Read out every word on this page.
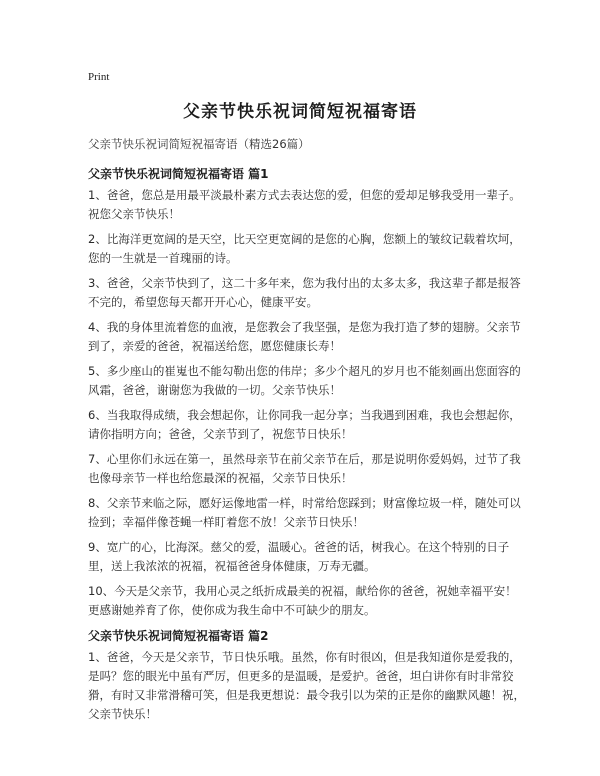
Print
父亲节快乐祝词简短祝福寄语
父亲节快乐祝词简短祝福寄语（精选26篇）
父亲节快乐祝词简短祝福寄语 篇1

1、爸爸，您总是用最平淡最朴素方式去表达您的爱，但您的爱却足够我受用一辈子。祝您父亲节快乐！

2、比海洋更宽阔的是天空，比天空更宽阔的是您的心胸，您额上的皱纹记载着坎坷，您的一生就是一首瑰丽的诗。

3、爸爸，父亲节快到了，这二十多年来，您为我付出的太多太多，我这辈子都是报答不完的，希望您每天都开开心心，健康平安。

4、我的身体里流着您的血液，是您教会了我坚强，是您为我打造了梦的翅膀。父亲节到了，亲爱的爸爸，祝福送给您，愿您健康长寿！

5、多少座山的崔嵬也不能勾勒出您的伟岸；多少个超凡的岁月也不能刻画出您面容的风霜，爸爸，谢谢您为我做的一切。父亲节快乐！

6、当我取得成绩，我会想起你，让你同我一起分享；当我遇到困难，我也会想起你，请你指明方向；爸爸，父亲节到了，祝您节日快乐！

7、心里你们永远在第一，虽然母亲节在前父亲节在后，那是说明你爱妈妈，过节了我也像母亲节一样也给您最深的祝福，父亲节日快乐！

8、父亲节来临之际，愿好运像地雷一样，时常给您踩到；财富像垃圾一样，随处可以捡到；幸福伴像苍蝇一样盯着您不放！父亲节日快乐！

9、宽广的心，比海深。慈父的爱，温暖心。爸爸的话，树我心。在这个特别的日子里，送上我浓浓的祝福，祝福爸爸身体健康，万寿无疆。

10、今天是父亲节，我用心灵之纸折成最美的祝福，献给你的爸爸，祝她幸福平安！更感谢她养育了你，使你成为我生命中不可缺少的朋友。

父亲节快乐祝词简短祝福寄语 篇2

1、爸爸，今天是父亲节，节日快乐哦。虽然，你有时很凶，但是我知道你是爱我的，是吗？您的眼光中虽有严厉，但更多的是温暖，是爱护。爸爸，坦白讲你有时非常狡猾，有时又非常滑稽可笑，但是我更想说：最令我引以为荣的正是你的幽默风趣！祝，父亲节快乐！
